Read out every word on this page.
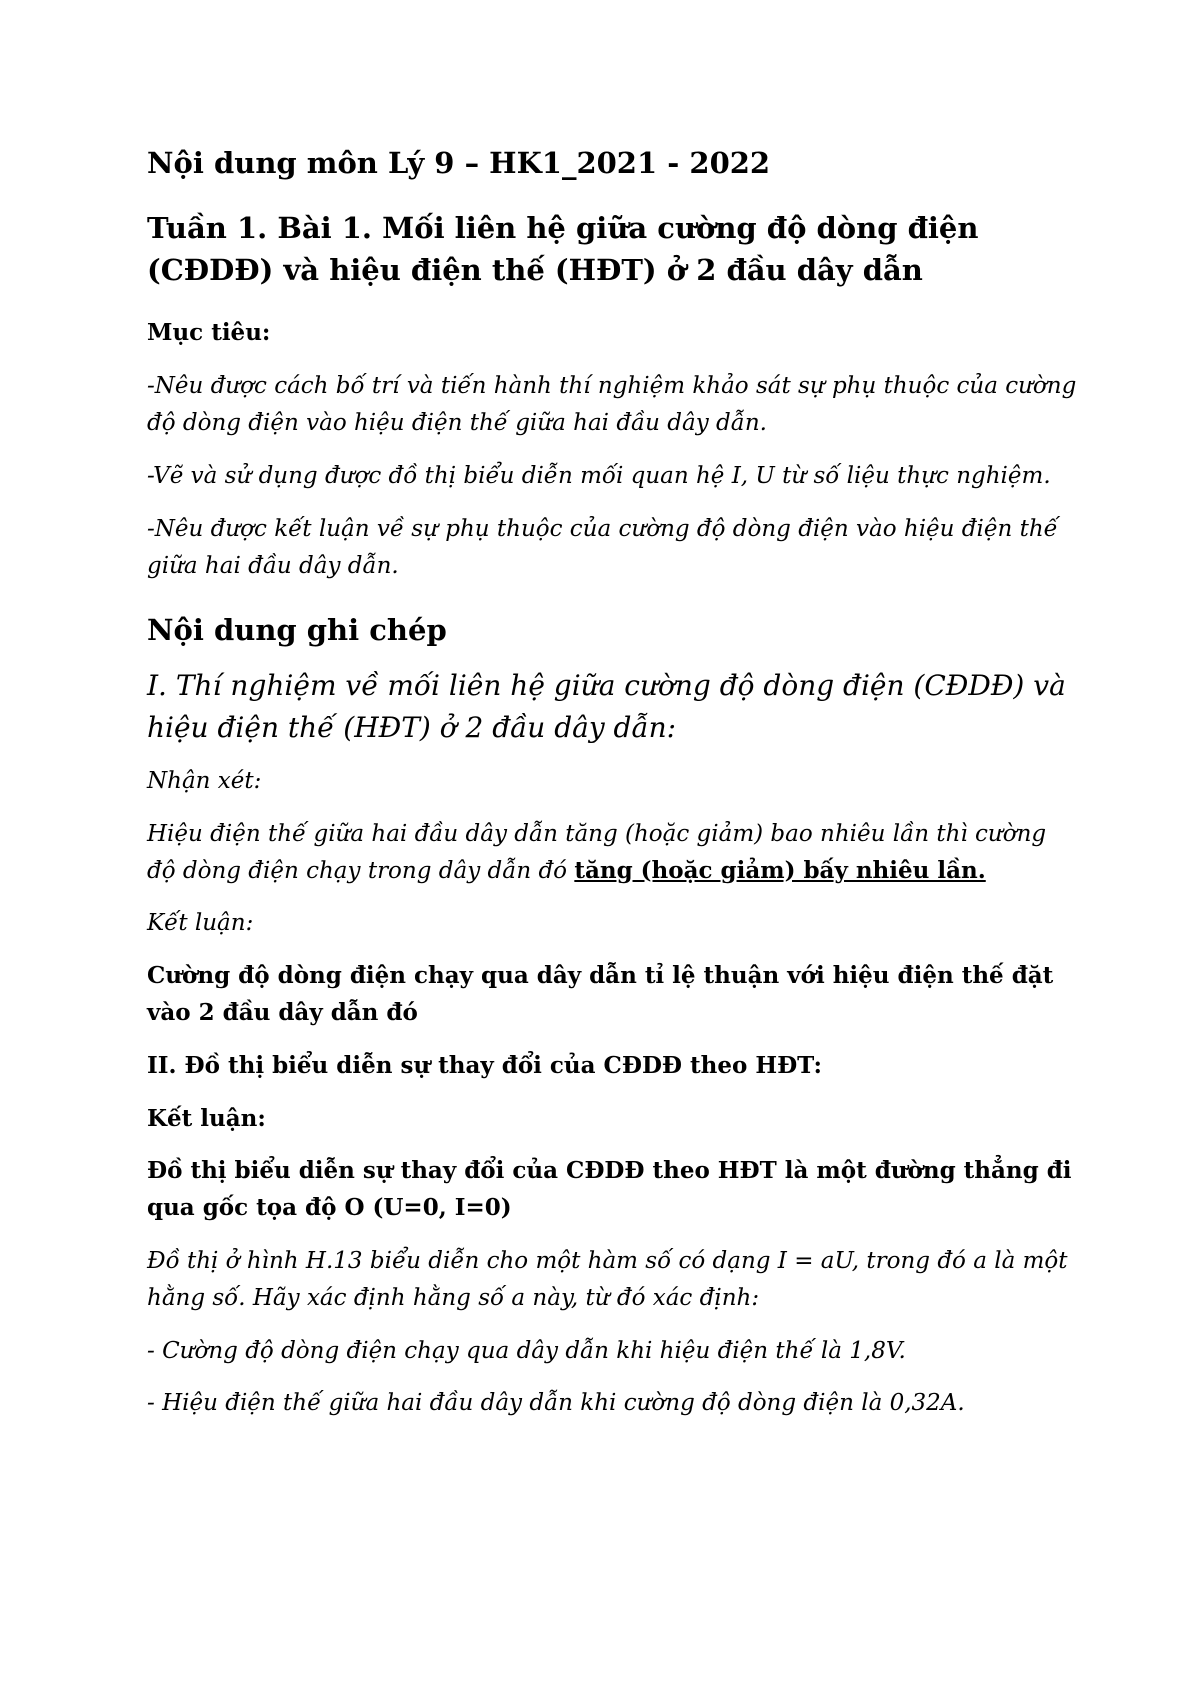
Nội dung môn Lý 9 – HK1_2021 - 2022
Tuần 1. Bài 1. Mối liên hệ giữa cường độ dòng điện (CĐDĐ) và hiệu điện thế (HĐT) ở 2 đầu dây dẫn
Mục tiêu:
-Nêu được cách bố trí và tiến hành thí nghiệm khảo sát sự phụ thuộc của cường độ dòng điện vào hiệu điện thế giữa hai đầu dây dẫn.
-Vẽ và sử dụng được đồ thị biểu diễn mối quan hệ I, U từ số liệu thực nghiệm.
-Nêu được kết luận về sự phụ thuộc của cường độ dòng điện vào hiệu điện thế giữa hai đầu dây dẫn.
Nội dung ghi chép
I. Thí nghiệm về mối liên hệ giữa cường độ dòng điện (CĐDĐ) và hiệu điện thế (HĐT) ở 2 đầu dây dẫn:
Nhận xét:
Hiệu điện thế giữa hai đầu dây dẫn tăng (hoặc giảm) bao nhiêu lần thì cường độ dòng điện chạy trong dây dẫn đó tăng (hoặc giảm) bấy nhiêu lần.
Kết luận:
Cường độ dòng điện chạy qua dây dẫn tỉ lệ thuận với hiệu điện thế đặt vào 2 đầu dây dẫn đó
II. Đồ thị biểu diễn sự thay đổi của CĐDĐ theo HĐT:
Kết luận:
Đồ thị biểu diễn sự thay đổi của CĐDĐ theo HĐT là một đường thẳng đi qua gốc tọa độ O (U=0, I=0)
Đồ thị ở hình H.13 biểu diễn cho một hàm số có dạng I = aU, trong đó a là một hằng số. Hãy xác định hằng số a này, từ đó xác định:
- Cường độ dòng điện chạy qua dây dẫn khi hiệu điện thế là 1,8V.
- Hiệu điện thế giữa hai đầu dây dẫn khi cường độ dòng điện là 0,32A.
